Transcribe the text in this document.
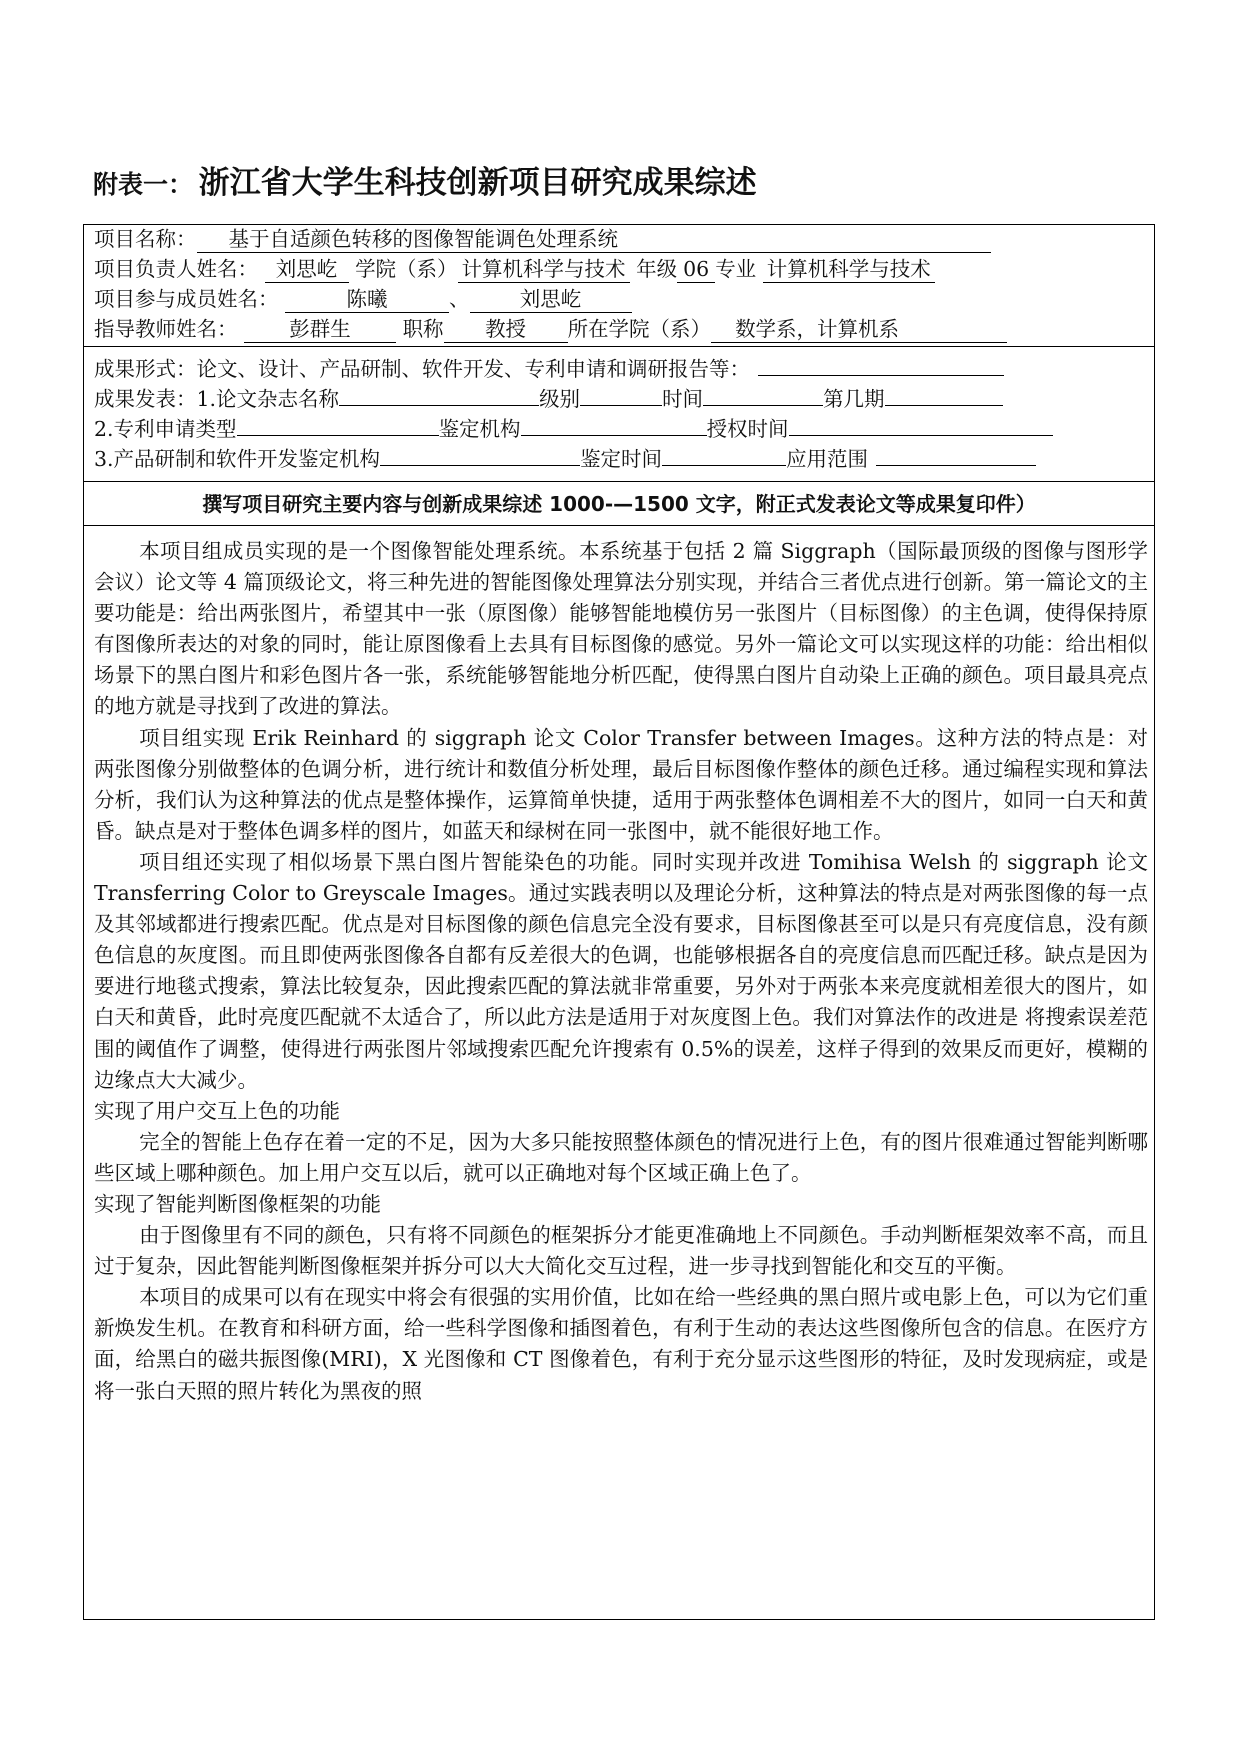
附表一： 浙江省大学生科技创新项目研究成果综述
项目名称： 基于自适颜色转移的图像智能调色处理系统
项目负责人姓名： 刘思屹 学院（系） 计算机科学与技术 年级 06 专业 计算机科学与技术
项目参与成员姓名：	陈曦	、 刘思屹
指导教师姓名：	彭群生	职称 教授 所在学院（系） 数学系，计算机系
成果形式：论文、设计、产品研制、软件开发、专利申请和调研报告等：
成果发表：1.论文杂志名称	级别	时间	第几期
2.专利申请类型	鉴定机构	授权时间
3.产品研制和软件开发鉴定机构	鉴定时间	应用范围
撰写项目研究主要内容与创新成果综述 1000-—1500 文字，附正式发表论文等成果复印件）

本项目组成员实现的是一个图像智能处理系统。本系统基于包括 2 篇 Siggraph（国际最顶级的图像与图形学会议）论文等 4 篇顶级论文，将三种先进的智能图像处理算法分别实现，并结合三者优点进行创新。第一篇论文的主要功能是：给出两张图片，希望其中一张（原图像）能够智能地模仿另一张图片（目标图像）的主色调，使得保持原有图像所表达的对象的同时，能让原图像看上去具有目标图像的感觉。另外一篇论文可以实现这样的功能：给出相似场景下的黑白图片和彩色图片各一张，系统能够智能地分析匹配，使得黑白图片自动染上正确的颜色。项目最具亮点的地方就是寻找到了改进的算法。

项目组实现 Erik Reinhard 的 siggraph 论文 Color Transfer between Images。这种方法的特点是：对两张图像分别做整体的色调分析，进行统计和数值分析处理，最后目标图像作整体的颜色迁移。通过编程实现和算法分析，我们认为这种算法的优点是整体操作，运算简单快捷，适用于两张整体色调相差不大的图片，如同一白天和黄昏。缺点是对于整体色调多样的图片，如蓝天和绿树在同一张图中，就不能很好地工作。

项目组还实现了相似场景下黑白图片智能染色的功能。同时实现并改进 Tomihisa Welsh 的 siggraph 论文 Transferring Color to Greyscale Images。通过实践表明以及理论分析，这种算法的特点是对两张图像的每一点及其邻域都进行搜索匹配。优点是对目标图像的颜色信息完全没有要求，目标图像甚至可以是只有亮度信息，没有颜色信息的灰度图。而且即使两张图像各自都有反差很大的色调，也能够根据各自的亮度信息而匹配迁移。缺点是因为要进行地毯式搜索，算法比较复杂，因此搜索匹配的算法就非常重要，另外对于两张本来亮度就相差很大的图片，如白天和黄昏，此时亮度匹配就不太适合了，所以此方法是适用于对灰度图上色。我们对算法作的改进是 将搜索误差范围的阈值作了调整，使得进行两张图片邻域搜索匹配允许搜索有 0.5%的误差，这样子得到的效果反而更好，模糊的边缘点大大减少。

实现了用户交互上色的功能

完全的智能上色存在着一定的不足，因为大多只能按照整体颜色的情况进行上色，有的图片很难通过智能判断哪些区域上哪种颜色。加上用户交互以后，就可以正确地对每个区域正确上色了。

实现了智能判断图像框架的功能

由于图像里有不同的颜色，只有将不同颜色的框架拆分才能更准确地上不同颜色。手动判断框架效率不高，而且过于复杂，因此智能判断图像框架并拆分可以大大简化交互过程，进一步寻找到智能化和交互的平衡。

本项目的成果可以有在现实中将会有很强的实用价值，比如在给一些经典的黑白照片或电影上色，可以为它们重新焕发生机。在教育和科研方面，给一些科学图像和插图着色，有利于生动的表达这些图像所包含的信息。在医疗方面，给黑白的磁共振图像(MRI)，X 光图像和 CT 图像着色，有利于充分显示这些图形的特征，及时发现病症，或是将一张白天照的照片转化为黑夜的照
